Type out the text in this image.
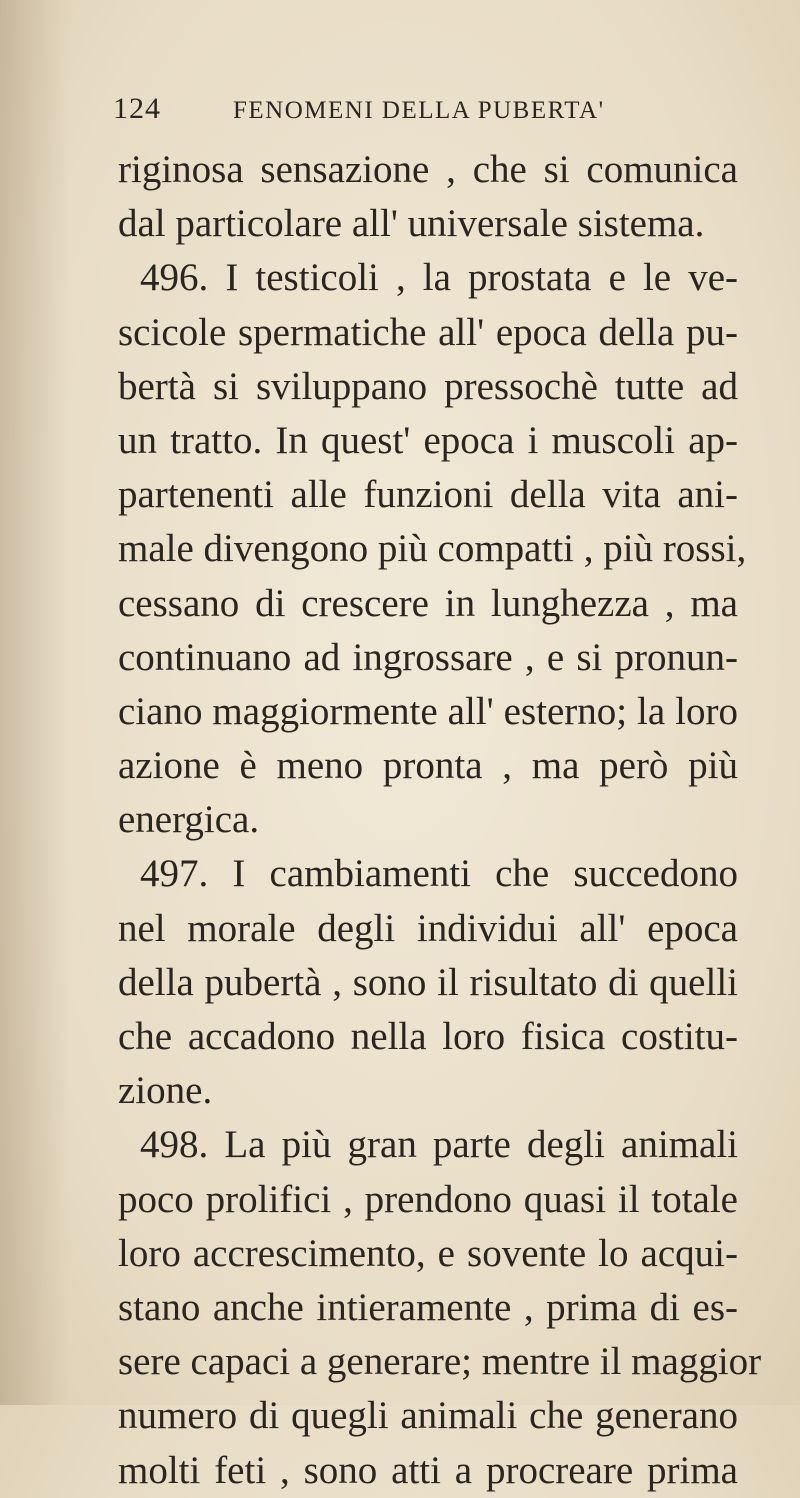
124	FENOMENI DELLA PUBERTA'
riginosa sensazione , che si comunica
dal particolare all' universale sistema.
496. I testicoli , la prostata e le ve-
scicole spermatiche all' epoca della pu-
bertà si sviluppano pressochè tutte ad
un tratto. In quest' epoca i muscoli ap-
partenenti alle funzioni della vita ani-
male divengono più compatti , più rossi,
cessano di crescere in lunghezza , ma
continuano ad ingrossare , e si pronun-
ciano maggiormente all' esterno; la loro
azione è meno pronta , ma però più
energica.
497. I cambiamenti che succedono
nel morale degli individui all' epoca
della pubertà , sono il risultato di quelli
che accadono nella loro fisica costitu-
zione.
498. La più gran parte degli animali
poco prolifici , prendono quasi il totale
loro accrescimento, e sovente lo acqui-
stano anche intieramente , prima di es-
sere capaci a generare; mentre il maggior
numero di quegli animali che generano
molti feti , sono atti a procreare prima
